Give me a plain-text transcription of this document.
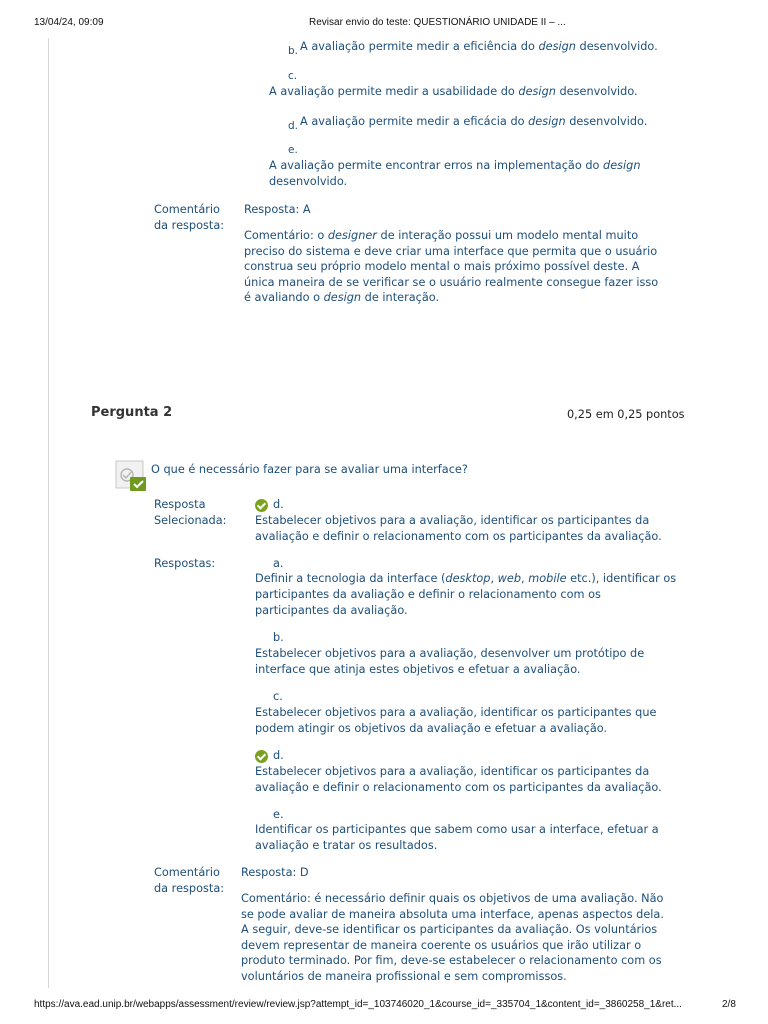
13/04/24, 09:09	Revisar envio do teste: QUESTIONÁRIO UNIDADE II – ...
b. A avaliação permite medir a eficiência do design desenvolvido.
c.
A avaliação permite medir a usabilidade do design desenvolvido.
d. A avaliação permite medir a eficácia do design desenvolvido.
e.
A avaliação permite encontrar erros na implementação do design
desenvolvido.
Comentário
da resposta:
Resposta: A
Comentário: o designer de interação possui um modelo mental muito
preciso do sistema e deve criar uma interface que permita que o usuário
construa seu próprio modelo mental o mais próximo possível deste. A
única maneira de se verificar se o usuário realmente consegue fazer isso
é avaliando o design de interação.
Pergunta 2	0,25 em 0,25 pontos
O que é necessário fazer para se avaliar uma interface?
Resposta
Selecionada:
d.
Estabelecer objetivos para a avaliação, identificar os participantes da
avaliação e definir o relacionamento com os participantes da avaliação.
Respostas:	a.
Definir a tecnologia da interface (desktop, web, mobile etc.), identificar os
participantes da avaliação e definir o relacionamento com os
participantes da avaliação.
b.
Estabelecer objetivos para a avaliação, desenvolver um protótipo de
interface que atinja estes objetivos e efetuar a avaliação.
c.
Estabelecer objetivos para a avaliação, identificar os participantes que
podem atingir os objetivos da avaliação e efetuar a avaliação.
d.
Estabelecer objetivos para a avaliação, identificar os participantes da
avaliação e definir o relacionamento com os participantes da avaliação.
e.
Identificar os participantes que sabem como usar a interface, efetuar a
avaliação e tratar os resultados.
Comentário
da resposta:
Resposta: D
Comentário: é necessário definir quais os objetivos de uma avaliação. Não
se pode avaliar de maneira absoluta uma interface, apenas aspectos dela.
A seguir, deve-se identificar os participantes da avaliação. Os voluntários
devem representar de maneira coerente os usuários que irão utilizar o
produto terminado. Por fim, deve-se estabelecer o relacionamento com os
voluntários de maneira profissional e sem compromissos.
https://ava.ead.unip.br/webapps/assessment/review/review.jsp?attempt_id=_103746020_1&course_id=_335704_1&content_id=_3860258_1&ret...	2/8
